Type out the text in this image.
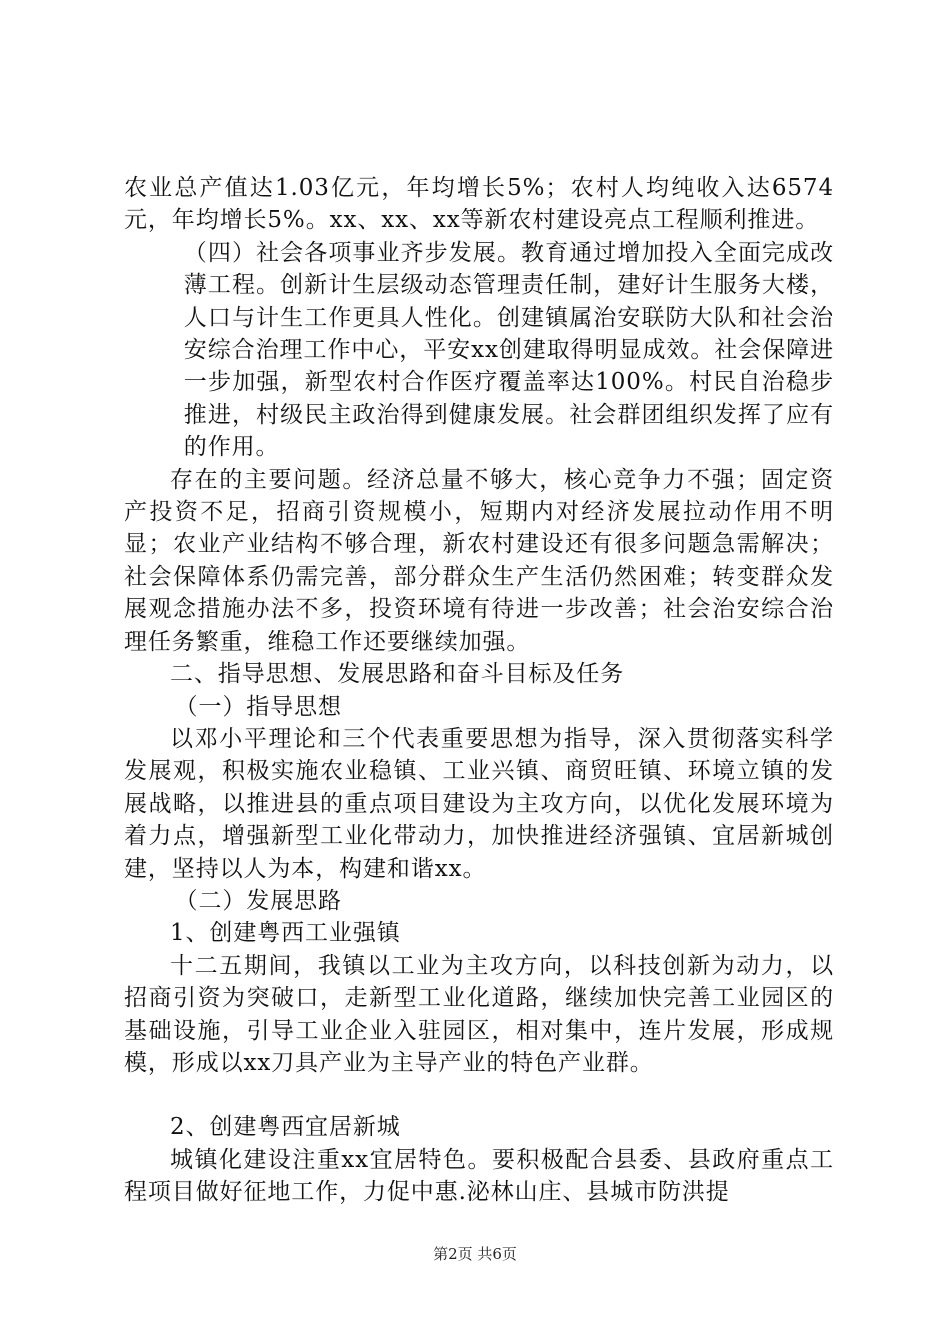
农业总产值达1.03亿元，年均增长5%；农村人均纯收入达6574元，年均增长5%。xx、xx、xx等新农村建设亮点工程顺利推进。

（四）社会各项事业齐步发展。教育通过增加投入全面完成改薄工程。创新计生层级动态管理责任制，建好计生服务大楼，人口与计生工作更具人性化。创建镇属治安联防大队和社会治安综合治理工作中心，平安xx创建取得明显成效。社会保障进一步加强，新型农村合作医疗覆盖率达100%。村民自治稳步推进，村级民主政治得到健康发展。社会群团组织发挥了应有的作用。

存在的主要问题。经济总量不够大，核心竞争力不强；固定资产投资不足，招商引资规模小，短期内对经济发展拉动作用不明显；农业产业结构不够合理，新农村建设还有很多问题急需解决；社会保障体系仍需完善，部分群众生产生活仍然困难；转变群众发展观念措施办法不多，投资环境有待进一步改善；社会治安综合治理任务繁重，维稳工作还要继续加强。

二、指导思想、发展思路和奋斗目标及任务

（一）指导思想

以邓小平理论和三个代表重要思想为指导，深入贯彻落实科学发展观，积极实施农业稳镇、工业兴镇、商贸旺镇、环境立镇的发展战略，以推进县的重点项目建设为主攻方向，以优化发展环境为着力点，增强新型工业化带动力，加快推进经济强镇、宜居新城创建，坚持以人为本，构建和谐xx。

（二）发展思路

1、创建粤西工业强镇

十二五期间，我镇以工业为主攻方向，以科技创新为动力，以招商引资为突破口，走新型工业化道路，继续加快完善工业园区的基础设施，引导工业企业入驻园区，相对集中，连片发展，形成规模，形成以xx刀具产业为主导产业的特色产业群。

2、创建粤西宜居新城

城镇化建设注重xx宜居特色。要积极配合县委、县政府重点工程项目做好征地工作，力促中惠.泌林山庄、县城市防洪提

第2页 共6页
